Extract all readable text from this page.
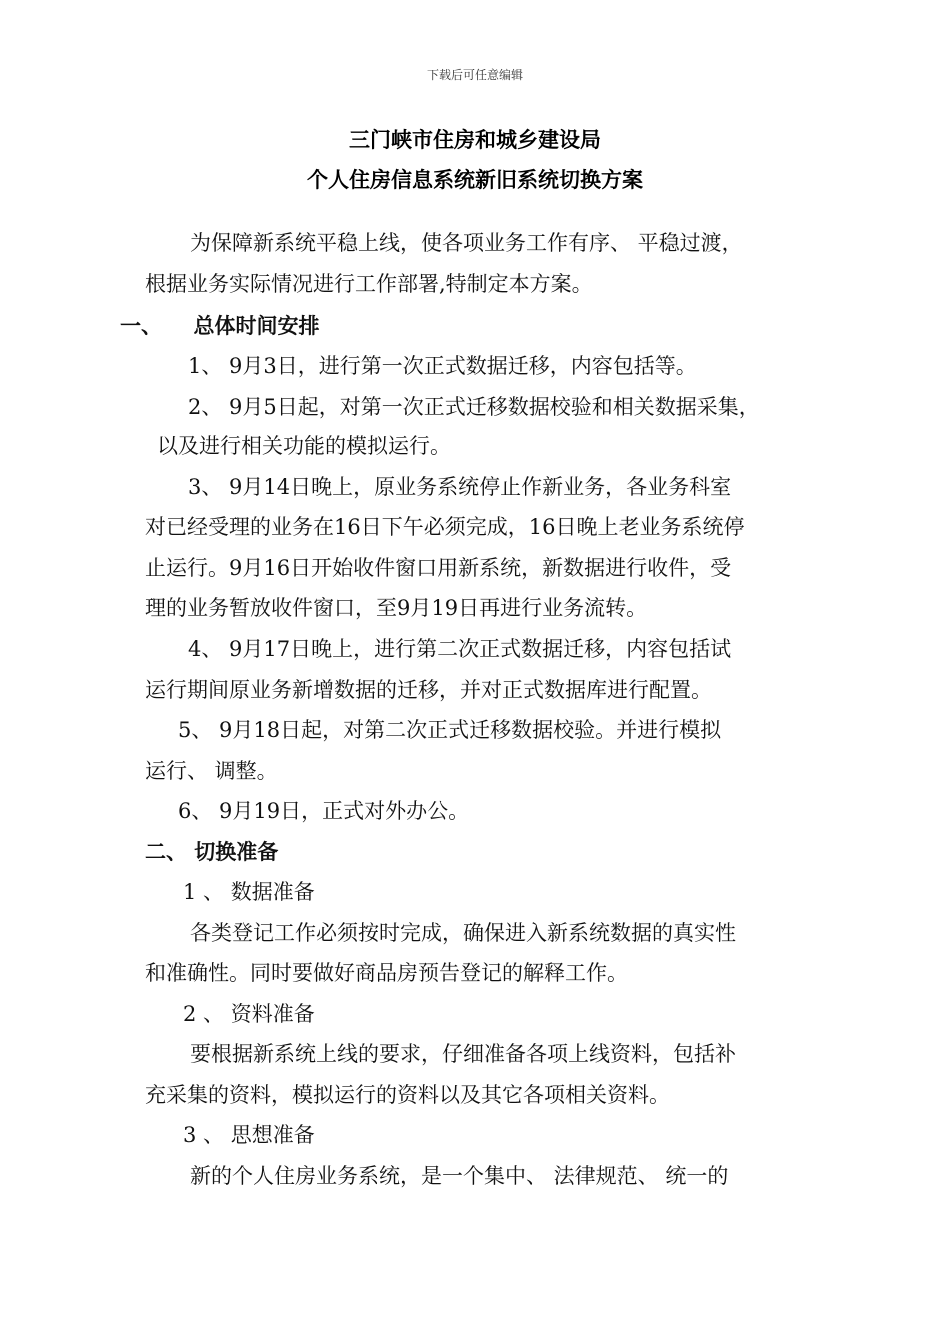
下载后可任意编辑
三门峡市住房和城乡建设局
个人住房信息系统新旧系统切换方案
为保障新系统平稳上线，使各项业务工作有序、 平稳过渡，
根据业务实际情况进行工作部署,特制定本方案。
一、　　总体时间安排
1、 9月3日，进行第一次正式数据迁移，内容包括等。
2、 9月5日起，对第一次正式迁移数据校验和相关数据采集，
以及进行相关功能的模拟运行。
3、 9月14日晚上，原业务系统停止作新业务，各业务科室
对已经受理的业务在16日下午必须完成，16日晚上老业务系统停
止运行。9月16日开始收件窗口用新系统，新数据进行收件，受
理的业务暂放收件窗口，至9月19日再进行业务流转。
4、 9月17日晚上，进行第二次正式数据迁移，内容包括试
运行期间原业务新增数据的迁移，并对正式数据库进行配置。
5、 9月18日起，对第二次正式迁移数据校验。并进行模拟
运行、 调整。
6、 9月19日，正式对外办公。
二、 切换准备
1 、 数据准备
各类登记工作必须按时完成，确保进入新系统数据的真实性
和准确性。同时要做好商品房预告登记的解释工作。
2 、 资料准备
要根据新系统上线的要求，仔细准备各项上线资料，包括补
充采集的资料，模拟运行的资料以及其它各项相关资料。
3 、 思想准备
新的个人住房业务系统，是一个集中、 法律规范、 统一的
